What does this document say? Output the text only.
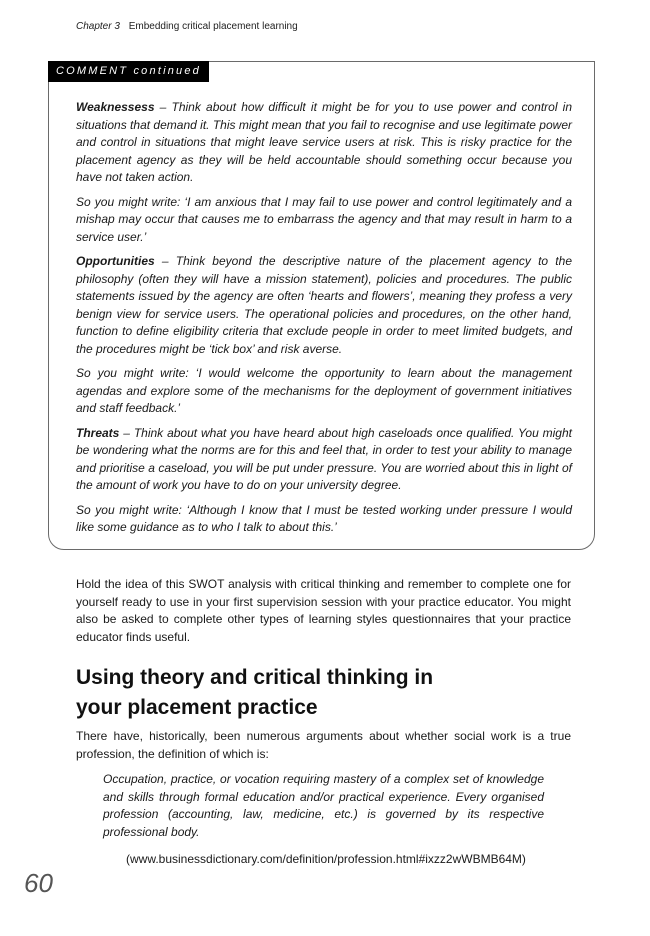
Chapter 3 Embedding critical placement learning
COMMENT continued

Weaknessess – Think about how difficult it might be for you to use power and control in situations that demand it. This might mean that you fail to recognise and use legitimate power and control in situations that might leave service users at risk. This is risky practice for the placement agency as they will be held accountable should something occur because you have not taken action.

So you might write: ‘I am anxious that I may fail to use power and control legitimately and a mishap may occur that causes me to embarrass the agency and that may result in harm to a service user.’

Opportunities – Think beyond the descriptive nature of the placement agency to the philosophy (often they will have a mission statement), policies and procedures. The public statements issued by the agency are often ‘hearts and flowers’, meaning they profess a very benign view for service users. The operational policies and procedures, on the other hand, function to define eligibility criteria that exclude people in order to meet limited budgets, and the procedures might be ‘tick box’ and risk averse.

So you might write: ‘I would welcome the opportunity to learn about the management agendas and explore some of the mechanisms for the deployment of government initiatives and staff feedback.’

Threats – Think about what you have heard about high caseloads once qualified. You might be wondering what the norms are for this and feel that, in order to test your ability to manage and prioritise a caseload, you will be put under pressure. You are worried about this in light of the amount of work you have to do on your university degree.

So you might write: ‘Although I know that I must be tested working under pressure I would like some guidance as to who I talk to about this.’

Hold the idea of this SWOT analysis with critical thinking and remember to complete one for yourself ready to use in your first supervision session with your practice educator. You might also be asked to complete other types of learning styles questionnaires that your practice educator finds useful.

Using theory and critical thinking in
your placement practice

There have, historically, been numerous arguments about whether social work is a true profession, the definition of which is:

Occupation, practice, or vocation requiring mastery of a complex set of knowledge and skills through formal education and/or practical experience. Every organised profession (accounting, law, medicine, etc.) is governed by its respective professional body.

(www.businessdictionary.com/definition/profession.html#ixzz2wWBMB64M)

60
